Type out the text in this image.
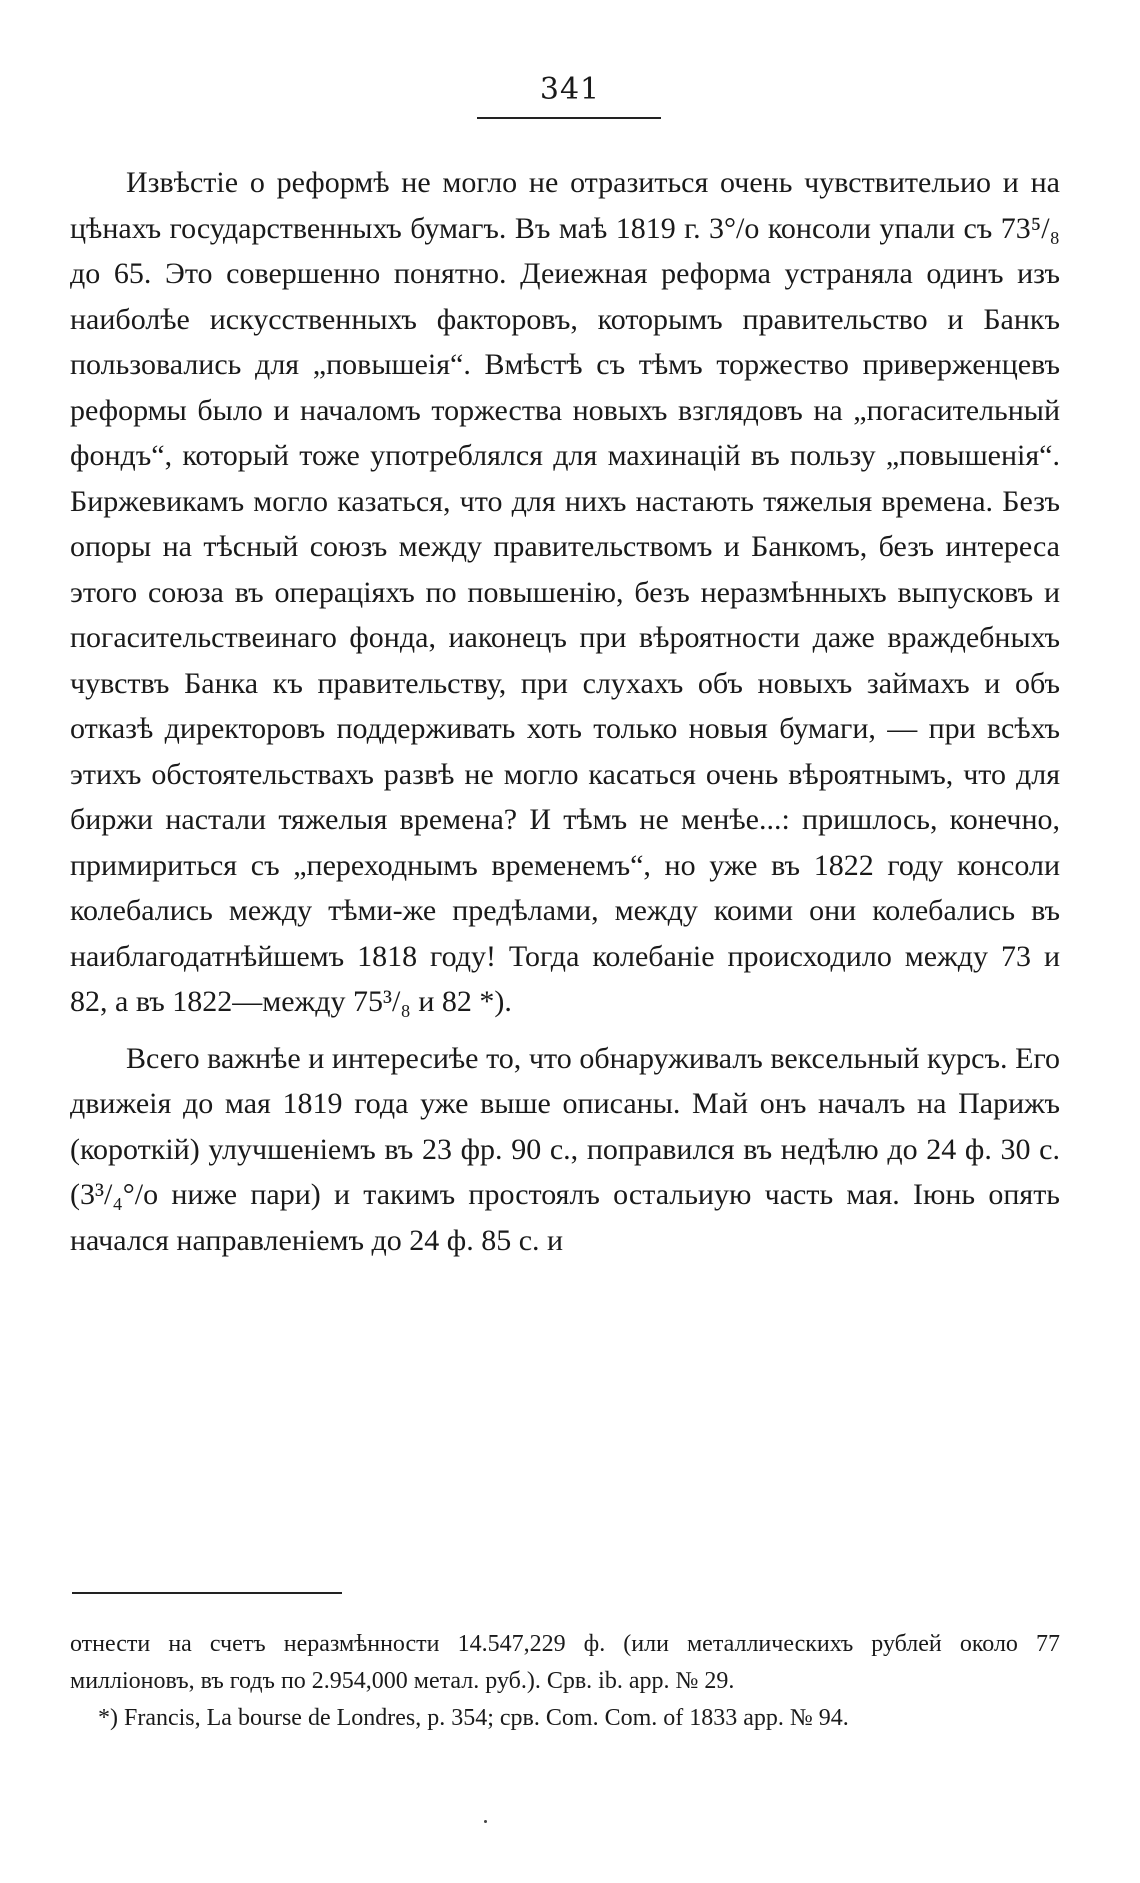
341

Извѣстіе о реформѣ не могло не отразиться очень чувствительио и на цѣнахъ государственныхъ бумагъ. Въ маѣ 1819 г. 3°/o консоли упали съ 73⁵/₈ до 65. Это совершенно понятно. Деиежная реформа устраняла одинъ изъ наиболѣе искусственныхъ факторовъ, которымъ правительство и Банкъ пользовались для „повышеія“. Вмѣстѣ съ тѣмъ торжество приверженцевъ реформы было и началомъ торжества новыхъ взглядовъ на „погасительный фондъ“, который тоже употреблялся для махинацій въ пользу „повышенія“. Биржевикамъ могло казаться, что для нихъ настають тяжелыя времена. Безъ опоры на тѣсный союзъ между правительствомъ и Банкомъ, безъ интереса этого союза въ операціяхъ по повышенію, безъ неразмѣнныхъ выпусковъ и погасительствеинаго фонда, иаконецъ при вѣроятности даже враждебныхъ чувствъ Банка къ правительству, при слухахъ объ новыхъ займахъ и объ отказѣ директоровъ поддерживать хоть только новыя бумаги, — при всѣхъ этихъ обстоятельствахъ развѣ не могло касаться очень вѣроятнымъ, что для биржи настали тяжелыя времена? И тѣмъ не менѣе...: пришлось, конечно, примириться съ „переходнымъ временемъ“, но уже въ 1822 году консоли колебались между тѣми-же предѣлами, между коими они колебались въ наиблагодатнѣйшемъ 1818 году! Тогда колебаніе происходило между 73 и 82, а въ 1822—между 75³/₈ и 82 *).

Всего важнѣе и интересиѣе то, что обнаруживалъ вексельный курсъ. Его движеія до мая 1819 года уже выше описаны. Май онъ началъ на Парижъ (короткій) улучшеніемъ въ 23 фр. 90 с., поправился въ недѣлю до 24 ф. 30 с. (3³/₄°/o ниже пари) и такимъ простоялъ остальиую часть мая. Іюнь опять начался направленіемъ до 24 ф. 85 с. и

отнести на счетъ неразмѣнности 14.547,229 ф. (или металлическихъ рублей около 77 милліоновъ, въ годъ по 2.954,000 метал. руб.). Срв. ib. app. № 29.

*) Francis, La bourse de Londres, p. 354; срв. Com. Com. of 1833 app. № 94.
